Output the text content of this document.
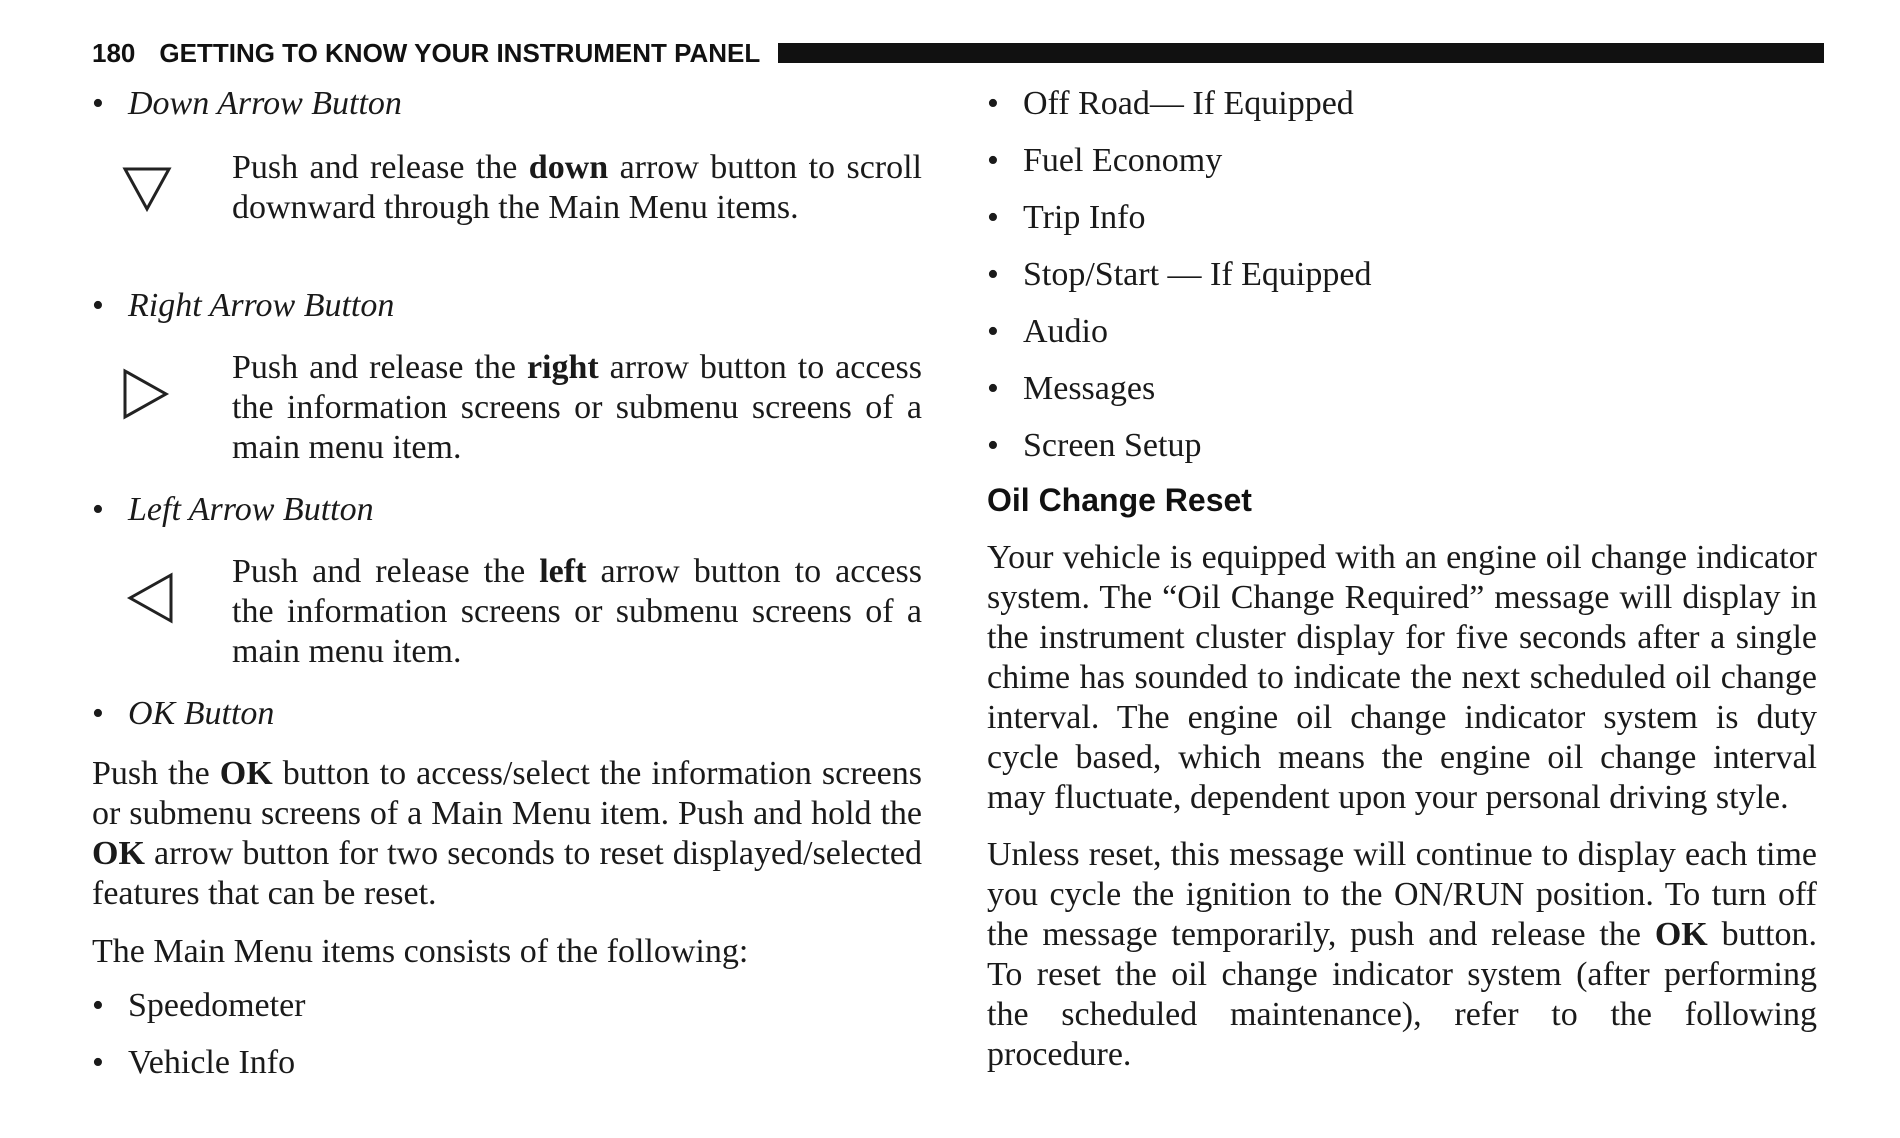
180 GETTING TO KNOW YOUR INSTRUMENT PANEL
• Down Arrow Button
Push and release the down arrow button to scroll downward through the Main Menu items.
• Right Arrow Button
Push and release the right arrow button to access the information screens or submenu screens of a main menu item.
• Left Arrow Button
Push and release the left arrow button to access the information screens or submenu screens of a main menu item.
• OK Button
Push the OK button to access/select the information screens or submenu screens of a Main Menu item. Push and hold the OK arrow button for two seconds to reset displayed/selected features that can be reset.
The Main Menu items consists of the following:
• Speedometer
• Vehicle Info
• Off Road— If Equipped
• Fuel Economy
• Trip Info
• Stop/Start — If Equipped
• Audio
• Messages
• Screen Setup
Oil Change Reset
Your vehicle is equipped with an engine oil change indicator system. The “Oil Change Required” message will display in the instrument cluster display for five seconds after a single chime has sounded to indicate the next scheduled oil change interval. The engine oil change indicator system is duty cycle based, which means the engine oil change interval may fluctuate, dependent upon your personal driving style.
Unless reset, this message will continue to display each time you cycle the ignition to the ON/RUN position. To turn off the message temporarily, push and release the OK button. To reset the oil change indicator system (after performing the scheduled maintenance), refer to the following procedure.
